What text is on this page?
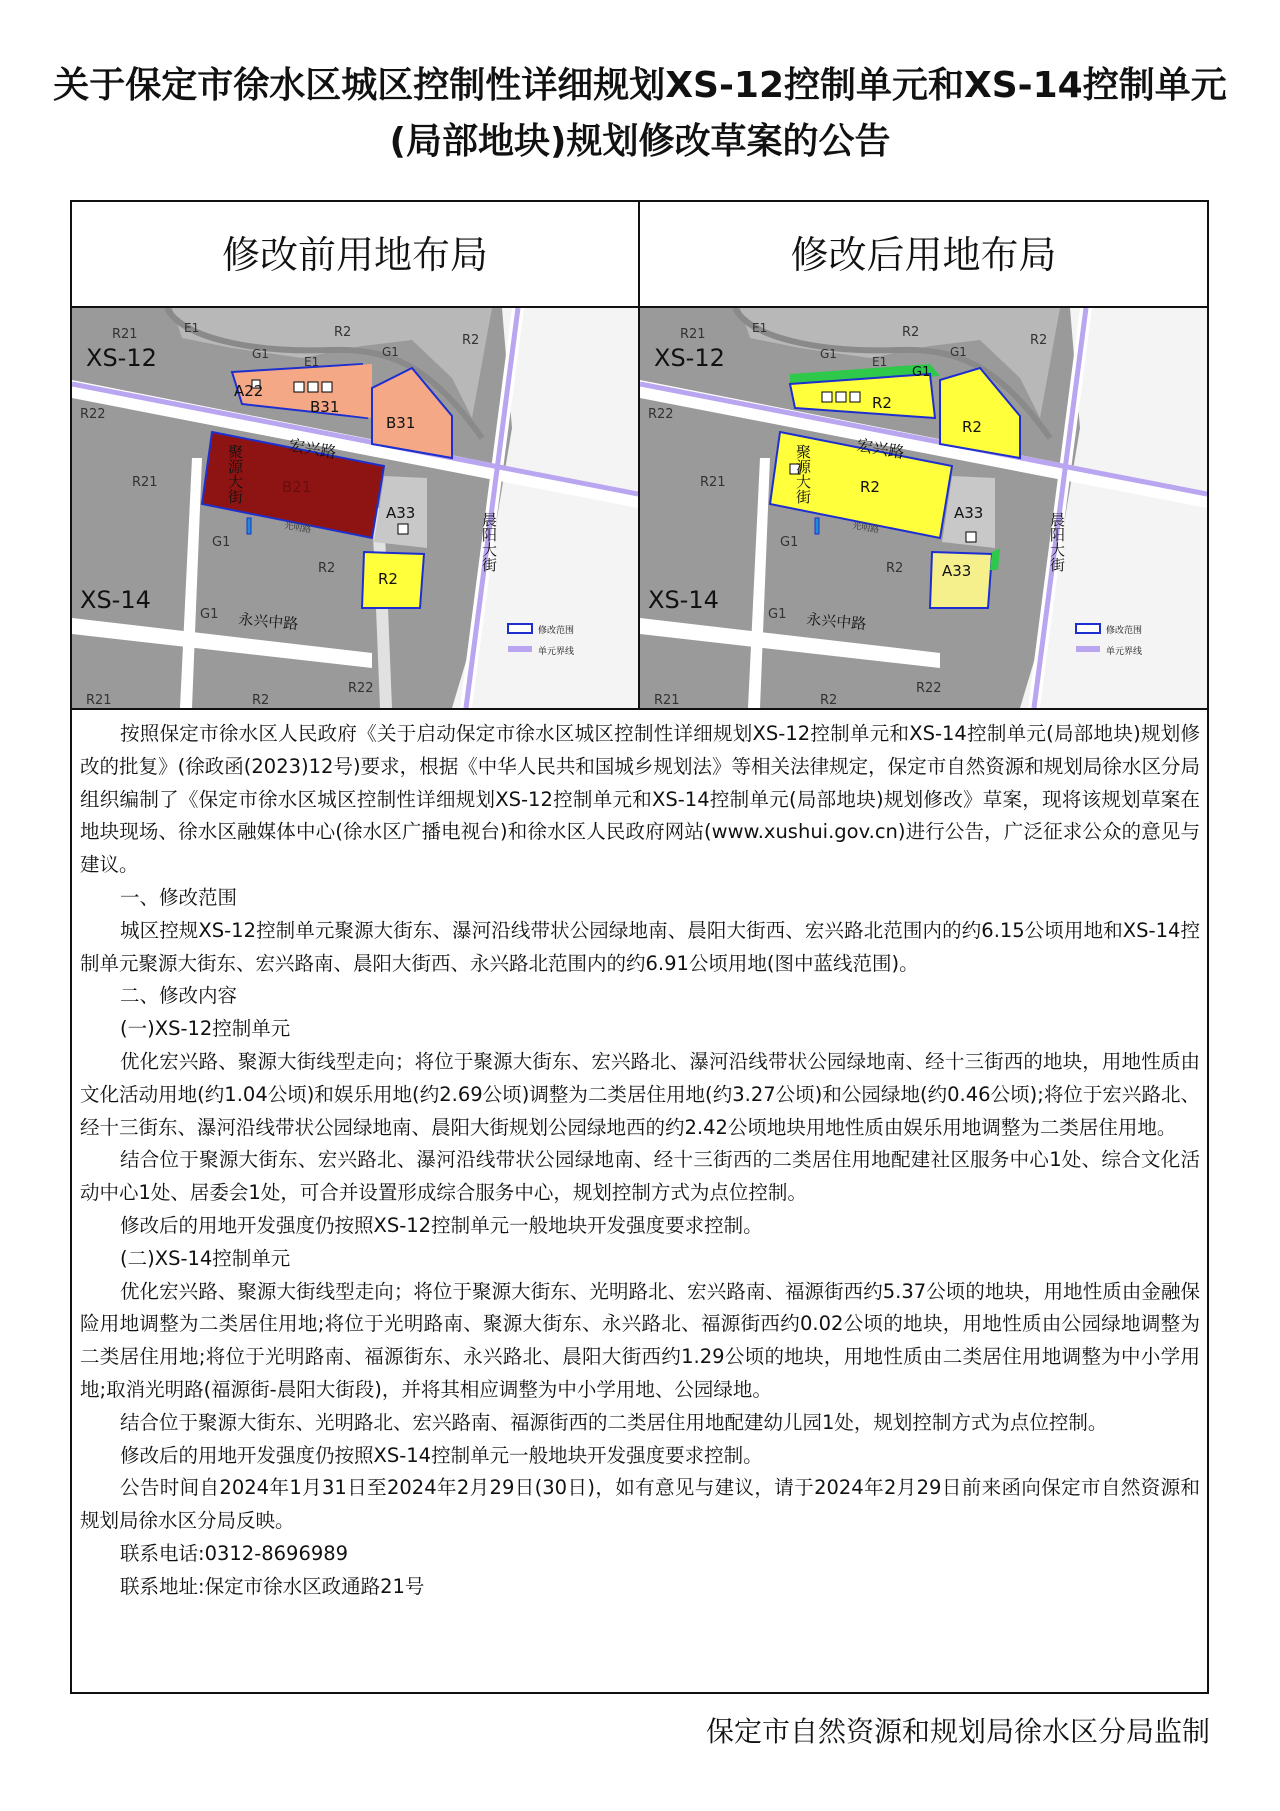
关于保定市徐水区城区控制性详细规划XS-12控制单元和XS-14控制单元
(局部地块)规划修改草案的公告
修改前用地布局	修改后用地布局
XS-12
XS-14
A22
B31
B31
B21
A33
R2
R21	R2
R2
R22
R21
G1
E1
G1
E1
G1
R2
G1
R21	R2
R22
宏兴路
永兴中路
光明路
聚源大街
晨阳大街
修改范围
单元界线
XS-12
XS-14
R2
R2
R2
G1
A33
A33
R21	R2
R2
R22
R21
G1
E1
G1
E1
G1
R2
G1
R21	R2
R22
宏兴路
永兴中路
光明路
聚源大街
晨阳大街
修改范围
单元界线

按照保定市徐水区人民政府《关于启动保定市徐水区城区控制性详细规划XS-12控制单元和XS-14控制单元(局部地块)规划修改的批复》(徐政函(2023)12号)要求，根据《中华人民共和国城乡规划法》等相关法律规定，保定市自然资源和规划局徐水区分局组织编制了《保定市徐水区城区控制性详细规划XS-12控制单元和XS-14控制单元(局部地块)规划修改》草案，现将该规划草案在地块现场、徐水区融媒体中心(徐水区广播电视台)和徐水区人民政府网站(www.xushui.gov.cn)进行公告，广泛征求公众的意见与建议。

一、修改范围

城区控规XS-12控制单元聚源大街东、瀑河沿线带状公园绿地南、晨阳大街西、宏兴路北范围内的约6.15公顷用地和XS-14控制单元聚源大街东、宏兴路南、晨阳大街西、永兴路北范围内的约6.91公顷用地(图中蓝线范围)。

二、修改内容

(一)XS-12控制单元

优化宏兴路、聚源大街线型走向；将位于聚源大街东、宏兴路北、瀑河沿线带状公园绿地南、经十三街西的地块，用地性质由文化活动用地(约1.04公顷)和娱乐用地(约2.69公顷)调整为二类居住用地(约3.27公顷)和公园绿地(约0.46公顷);将位于宏兴路北、经十三街东、瀑河沿线带状公园绿地南、晨阳大街规划公园绿地西的约2.42公顷地块用地性质由娱乐用地调整为二类居住用地。

结合位于聚源大街东、宏兴路北、瀑河沿线带状公园绿地南、经十三街西的二类居住用地配建社区服务中心1处、综合文化活动中心1处、居委会1处，可合并设置形成综合服务中心，规划控制方式为点位控制。

修改后的用地开发强度仍按照XS-12控制单元一般地块开发强度要求控制。

(二)XS-14控制单元

优化宏兴路、聚源大街线型走向；将位于聚源大街东、光明路北、宏兴路南、福源街西约5.37公顷的地块，用地性质由金融保险用地调整为二类居住用地;将位于光明路南、聚源大街东、永兴路北、福源街西约0.02公顷的地块，用地性质由公园绿地调整为二类居住用地;将位于光明路南、福源街东、永兴路北、晨阳大街西约1.29公顷的地块，用地性质由二类居住用地调整为中小学用地;取消光明路(福源街-晨阳大街段)，并将其相应调整为中小学用地、公园绿地。

结合位于聚源大街东、光明路北、宏兴路南、福源街西的二类居住用地配建幼儿园1处，规划控制方式为点位控制。

修改后的用地开发强度仍按照XS-14控制单元一般地块开发强度要求控制。

公告时间自2024年1月31日至2024年2月29日(30日)，如有意见与建议，请于2024年2月29日前来函向保定市自然资源和规划局徐水区分局反映。

联系电话:0312-8696989

联系地址:保定市徐水区政通路21号

保定市自然资源和规划局徐水区分局监制
